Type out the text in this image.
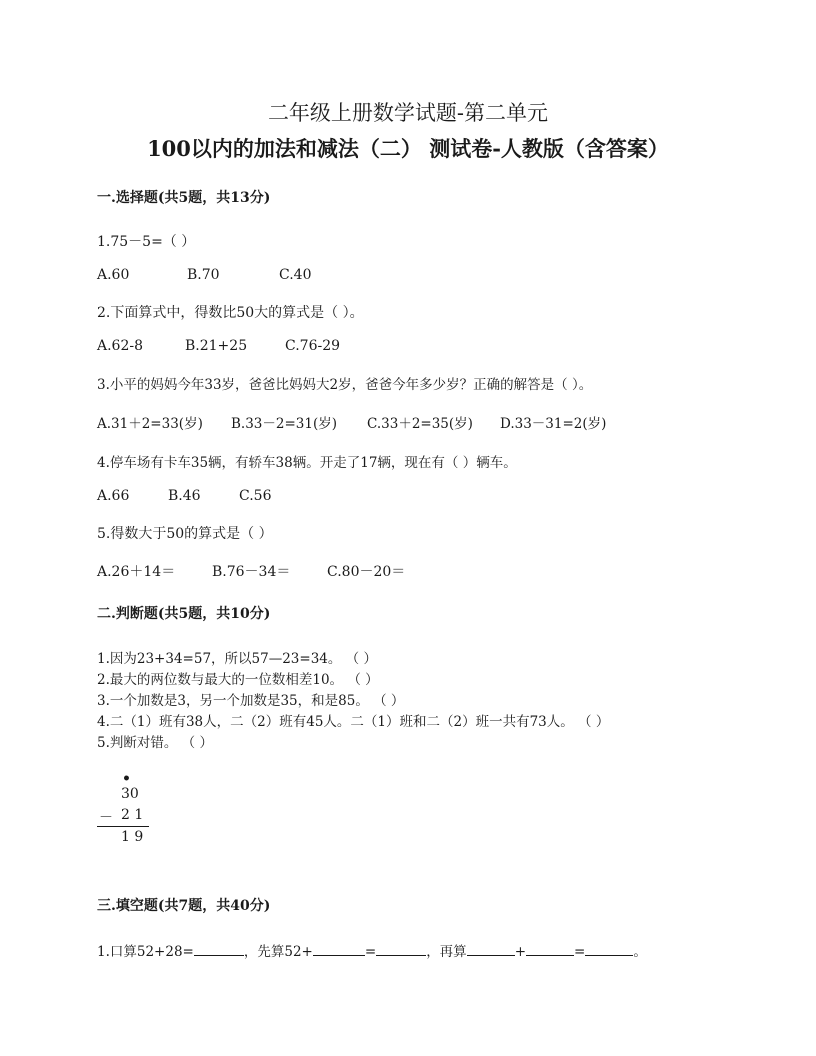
二年级上册数学试题-第二单元
100以内的加法和减法（二） 测试卷-人教版（含答案）
一.选择题(共5题，共13分)
1.75－5=（ ）
A.60	B.70	C.40
2.下面算式中，得数比50大的算式是（ ）。
A.62-8	B.21+25	C.76-29
3.小平的妈妈今年33岁，爸爸比妈妈大2岁，爸爸今年多少岁？正确的解答是（ ）。
A.31＋2=33(岁) B.33－2=31(岁) C.33＋2=35(岁) D.33－31=2(岁)
4.停车场有卡车35辆，有轿车38辆。开走了17辆，现在有（ ）辆车。
A.66	B.46	C.56
5.得数大于50的算式是（ ）
A.26＋14＝	B.76－34＝	C.80－20＝
二.判断题(共5题，共10分)
1.因为23+34=57，所以57—23=34。 （ ）
2.最大的两位数与最大的一位数相差10。 （ ）
3.一个加数是3，另一个加数是35，和是85。 （ ）
4.二（1）班有38人，二（2）班有45人。二（1）班和二（2）班一共有73人。 （ ）
5.判断对错。 （ ）
•
30
－ 2 1
1 9
三.填空题(共7题，共40分)
1.口算52+28=	，先算52+	=	，再算	+	=	。
